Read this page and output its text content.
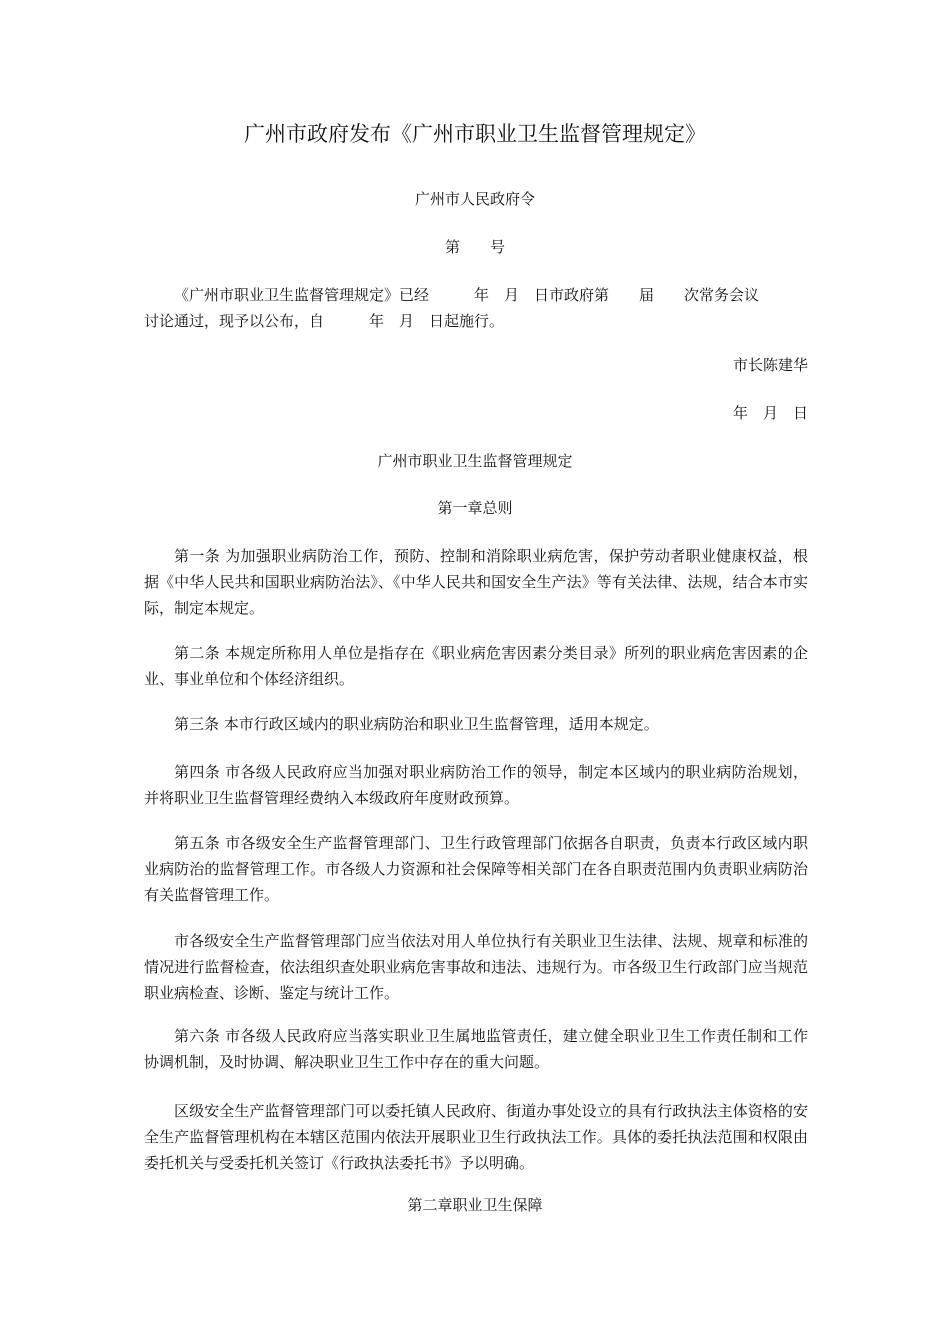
广州市政府发布《广州市职业卫生监督管理规定》
广州市人民政府令
第　　号
《广州市职业卫生监督管理规定》已经　　　年　月　日市政府第　　届　　次常务会议
讨论通过，现予以公布，自　　　年　月　日起施行。
市长陈建华
年　月　日
广州市职业卫生监督管理规定
第一章总则
第一条 为加强职业病防治工作，预防、控制和消除职业病危害，保护劳动者职业健康权益，根据《中华人民共和国职业病防治法》、《中华人民共和国安全生产法》等有关法律、法规，结合本市实际，制定本规定。
第二条 本规定所称用人单位是指存在《职业病危害因素分类目录》所列的职业病危害因素的企业、事业单位和个体经济组织。
第三条 本市行政区域内的职业病防治和职业卫生监督管理，适用本规定。
第四条 市各级人民政府应当加强对职业病防治工作的领导，制定本区域内的职业病防治规划，并将职业卫生监督管理经费纳入本级政府年度财政预算。
第五条 市各级安全生产监督管理部门、卫生行政管理部门依据各自职责，负责本行政区域内职业病防治的监督管理工作。市各级人力资源和社会保障等相关部门在各自职责范围内负责职业病防治有关监督管理工作。
市各级安全生产监督管理部门应当依法对用人单位执行有关职业卫生法律、法规、规章和标准的情况进行监督检查，依法组织查处职业病危害事故和违法、违规行为。市各级卫生行政部门应当规范职业病检查、诊断、鉴定与统计工作。
第六条 市各级人民政府应当落实职业卫生属地监管责任，建立健全职业卫生工作责任制和工作协调机制，及时协调、解决职业卫生工作中存在的重大问题。
区级安全生产监督管理部门可以委托镇人民政府、街道办事处设立的具有行政执法主体资格的安全生产监督管理机构在本辖区范围内依法开展职业卫生行政执法工作。具体的委托执法范围和权限由委托机关与受委托机关签订《行政执法委托书》予以明确。
第二章职业卫生保障
